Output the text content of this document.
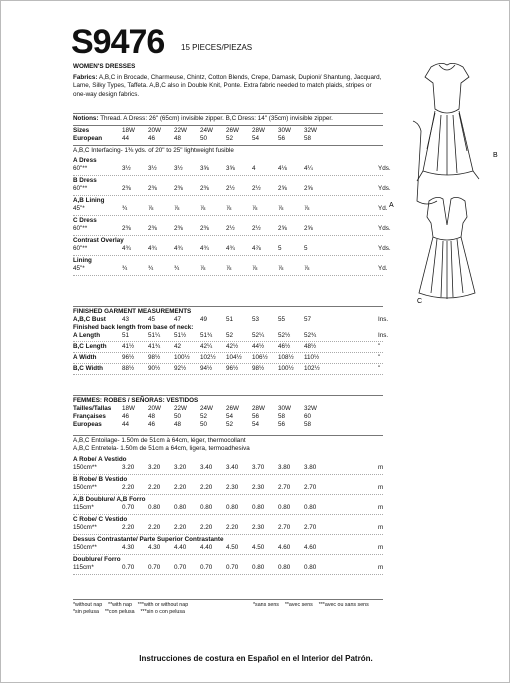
S9476 15 PIECES/PIEZAS
WOMEN'S DRESSES
Fabrics: A,B,C in Brocade, Charmeuse, Chintz, Cotton Blends, Crepe, Damask, Dupioni/ Shantung, Jacquard, Lame, Silky Types, Taffeta. A,B,C also in Double Knit, Ponte. Extra fabric needed to match plaids, stripes or one-way design fabrics.
Notions: Thread. A Dress: 26" (65cm) invisible zipper. B,C Dress: 14" (35cm) invisible zipper.
Sizes	18W	20W	22W	24W	26W	28W	30W	32W
European	44	46	48	50	52	54	56	58
A,B,C Interfacing- 1⅜ yds. of 20" to 25" lightweight fusible
A Dress
60"**	3½	3½	3½	3⅝	3⅝	4	4⅛	4¼	Yds.
B Dress
60"**	2⅜	2⅜	2⅜	2⅜	2½	2½	2⅝	2⅝	Yds.
A,B Lining
45"*	¾	⅞	⅞	⅞	⅞	⅞	⅞	⅞	Yd.
C Dress
60"**	2⅜	2⅜	2⅜	2⅜	2½	2½	2⅝	2⅝	Yds.
Contrast Overlay
60"**	4¾	4¾	4¾	4¾	4¾	4⅞	5	5	Yds.
Lining
45"*	¾	¾	¾	⅞	⅞	⅞	⅞	⅞	Yd.
FINISHED GARMENT MEASUREMENTS
A,B,C Bust	43	45	47	49	51	53	55	57	Ins.
Finished back length from base of neck:
A Length	51	51¼	51½	51¾	52	52¼	52½	52¾	Ins.
B,C Length 41½	41¾	42	42¼	42½	44½	46½	48½	"
A Width	96½	98½	100½	102½	104½	106½	108½	110½	"
B,C Width	88½	90½	92½	94½	96½	98½	100½	102½	"
FEMMES: ROBES / SEÑORAS: VESTIDOS
Tailles/Tallas 18W	20W	22W	24W	26W	28W	30W	32W
Françaises	46	48	50	52	54	56	58	60
Europeas	44	46	48	50	52	54	56	58
A,B,C Entoilage- 1.50m de 51cm à 64cm, léger, thermocollant
A,B,C Entretela- 1.50m de 51cm a 64cm, ligera, termoadhesiva
A Robe/ A Vestido
150cm**	3.20	3.20	3.20	3.40	3.40	3.70	3.80	3.80	m
B Robe/ B Vestido
150cm**	2.20	2.20	2.20	2.20	2.30	2.30	2.70	2.70	m
A,B Doublure/ A,B Forro
115cm*	0.70	0.80	0.80	0.80	0.80	0.80	0.80	0.80	m
C Robe/ C Vestido
150cm**	2.20	2.20	2.20	2.20	2.20	2.30	2.70	2.70	m
Dessus Contrastante/ Parte Superior Contrastante
150cm**	4.30	4.30	4.40	4.40	4.50	4.50	4.60	4.60	m
Doublure/ Forro
115cm*	0.70	0.70	0.70	0.70	0.70	0.80	0.80	0.80	m
*without nap **with nap ***with or without nap
*sin pelusa **con pelusa ***sin o con pelusa
*sans sens **avec sens ***avec ou sans sens
Instrucciones de costura en Español en el Interior del Patrón.
A
B
C
